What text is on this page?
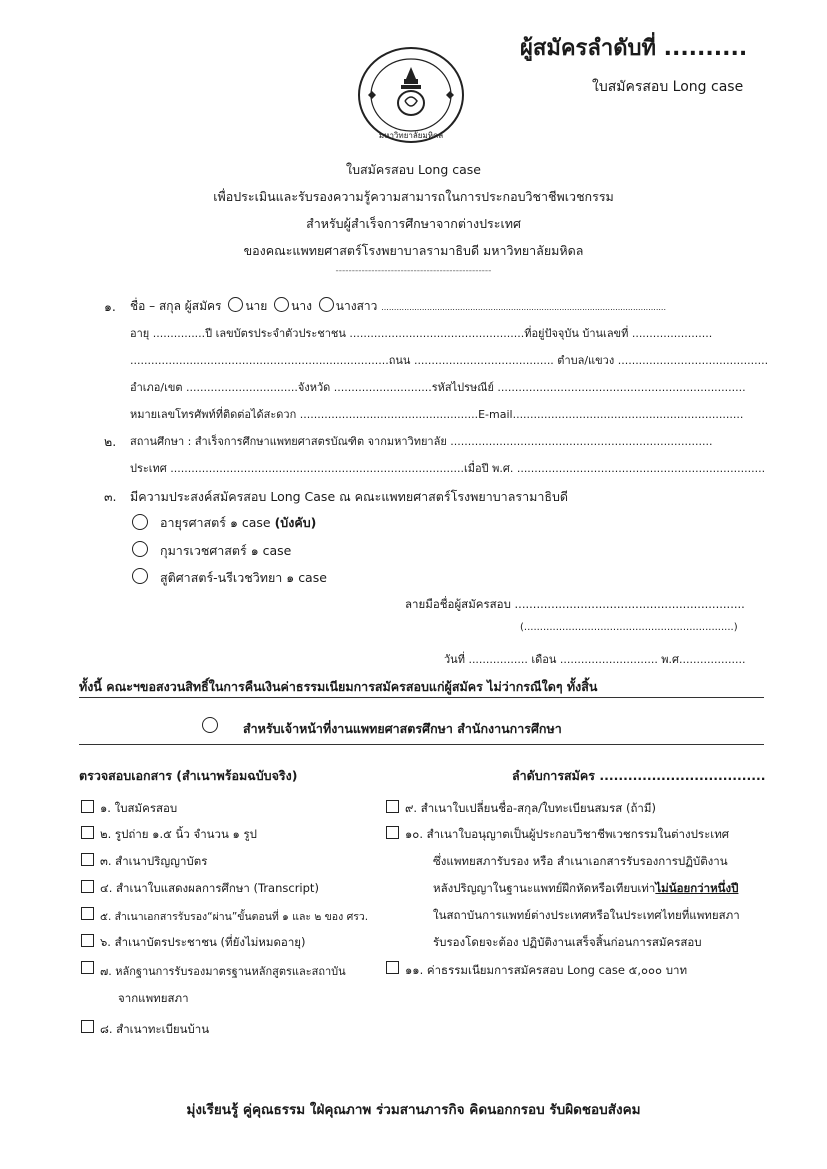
ผู้สมัครลำดับที่ ..........
ใบสมัครสอบ Long case
มหาวิทยาลัยมหิดล
ใบสมัครสอบ Long case
เพื่อประเมินและรับรองความรู้ความสามารถในการประกอบวิชาชีพเวชกรรม
สำหรับผู้สำเร็จการศึกษาจากต่างประเทศ
ของคณะแพทยศาสตร์โรงพยาบาลรามาธิบดี มหาวิทยาลัยมหิดล
------------------------------------------------
๑. ชื่อ – สกุล ผู้สมัคร นาย นาง นางสาว ................................................................................................................
อายุ ...............ปี เลขบัตรประจำตัวประชาชน ..................................................ที่อยู่ปัจจุบัน บ้านเลขที่ .......................
..........................................................................ถนน ........................................ ตำบล/แขวง ...........................................
อำเภอ/เขต ................................จังหวัด ............................รหัสไปรษณีย์ .......................................................................
หมายเลขโทรศัพท์ที่ติดต่อได้สะดวก ...................................................E-mail..................................................................
๒. สถานศึกษา : สำเร็จการศึกษาแพทยศาสตรบัณฑิต จากมหาวิทยาลัย ...........................................................................
ประเทศ ....................................................................................เมื่อปี พ.ศ. .......................................................................
๓. มีความประสงค์สมัครสอบ Long Case ณ คณะแพทยศาสตร์โรงพยาบาลรามาธิบดี
อายุรศาสตร์ ๑ case (บังคับ)
กุมารเวชศาสตร์ ๑ case
สูติศาสตร์-นรีเวชวิทยา ๑ case
ลายมือชื่อผู้สมัครสอบ ...............................................................
(..................................................................)
วันที่ ................. เดือน ............................ พ.ศ...................
ทั้งนี้ คณะฯขอสงวนสิทธิ์ในการคืนเงินค่าธรรมเนียมการสมัครสอบแก่ผู้สมัคร ไม่ว่ากรณีใดๆ ทั้งสิ้น
สำหรับเจ้าหน้าที่งานแพทยศาสตรศึกษา สำนักงานการศึกษา
ตรวจสอบเอกสาร (สำเนาพร้อมฉบับจริง)	ลำดับการสมัคร ...................................
๑. ใบสมัครสอบ
๒. รูปถ่าย ๑.๕ นิ้ว จำนวน ๑ รูป
๓. สำเนาปริญญาบัตร
๔. สำเนาใบแสดงผลการศึกษา (Transcript)
๕. สำเนาเอกสารรับรอง“ผ่าน”ขั้นตอนที่ ๑ และ ๒ ของ ศรว.
๖. สำเนาบัตรประชาชน (ที่ยังไม่หมดอายุ)
๗. หลักฐานการรับรองมาตรฐานหลักสูตรและสถาบัน
จากแพทยสภา
๘. สำเนาทะเบียนบ้าน
๙. สำเนาใบเปลี่ยนชื่อ-สกุล/ใบทะเบียนสมรส (ถ้ามี)
๑๐. สำเนาใบอนุญาตเป็นผู้ประกอบวิชาชีพเวชกรรมในต่างประเทศ
ซึ่งแพทยสภารับรอง หรือ สำเนาเอกสารรับรองการปฏิบัติงาน
หลังปริญญาในฐานะแพทย์ฝึกหัดหรือเทียบเท่าไม่น้อยกว่าหนึ่งปี
ในสถาบันการแพทย์ต่างประเทศหรือในประเทศไทยที่แพทยสภา
รับรองโดยจะต้อง ปฏิบัติงานเสร็จสิ้นก่อนการสมัครสอบ
๑๑. ค่าธรรมเนียมการสมัครสอบ Long case ๕,๐๐๐ บาท
มุ่งเรียนรู้ คู่คุณธรรม ใฝ่คุณภาพ ร่วมสานภารกิจ คิดนอกกรอบ รับผิดชอบสังคม
